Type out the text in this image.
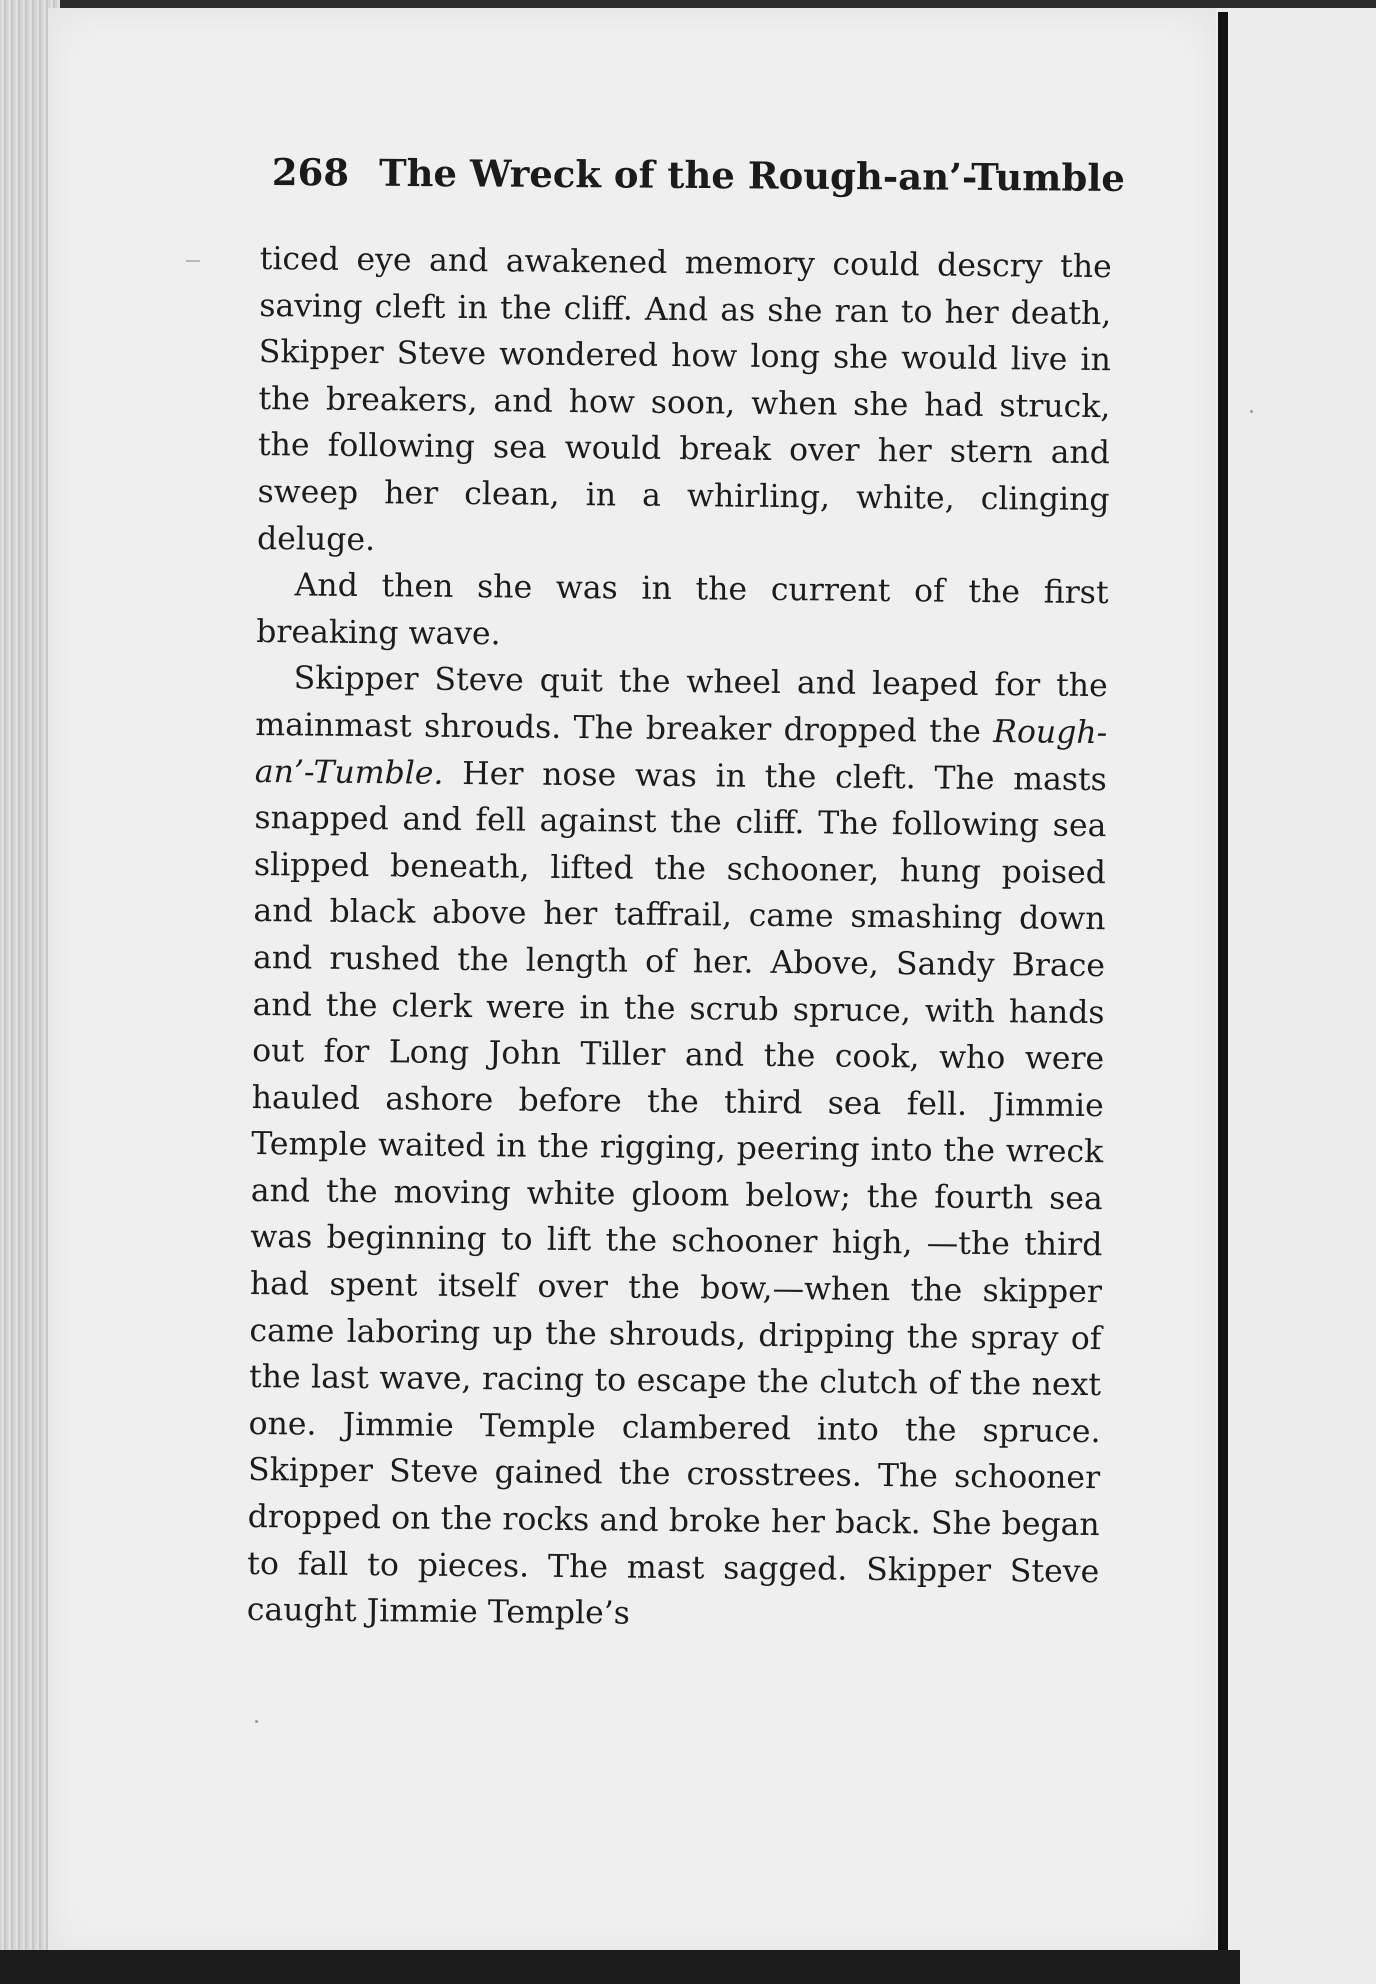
268 The Wreck of the Rough-an’-Tumble

ticed eye and awakened memory could descry the saving cleft in the cliff. And as she ran to her death, Skipper Steve wondered how long she would live in the breakers, and how soon, when she had struck, the following sea would break over her stern and sweep her clean, in a whirling, white, clinging deluge.

And then she was in the current of the first breaking wave.

Skipper Steve quit the wheel and leaped for the mainmast shrouds. The breaker dropped the Rough-an’-Tumble. Her nose was in the cleft. The masts snapped and fell against the cliff. The following sea slipped beneath, lifted the schooner, hung poised and black above her taffrail, came smashing down and rushed the length of her. Above, Sandy Brace and the clerk were in the scrub spruce, with hands out for Long John Tiller and the cook, who were hauled ashore before the third sea fell. Jimmie Temple waited in the rigging, peering into the wreck and the moving white gloom below; the fourth sea was beginning to lift the schooner high, —the third had spent itself over the bow,—when the skipper came laboring up the shrouds, dripping the spray of the last wave, racing to escape the clutch of the next one. Jimmie Temple clambered into the spruce. Skipper Steve gained the crosstrees. The schooner dropped on the rocks and broke her back. She began to fall to pieces. The mast sagged. Skipper Steve caught Jimmie Temple’s
